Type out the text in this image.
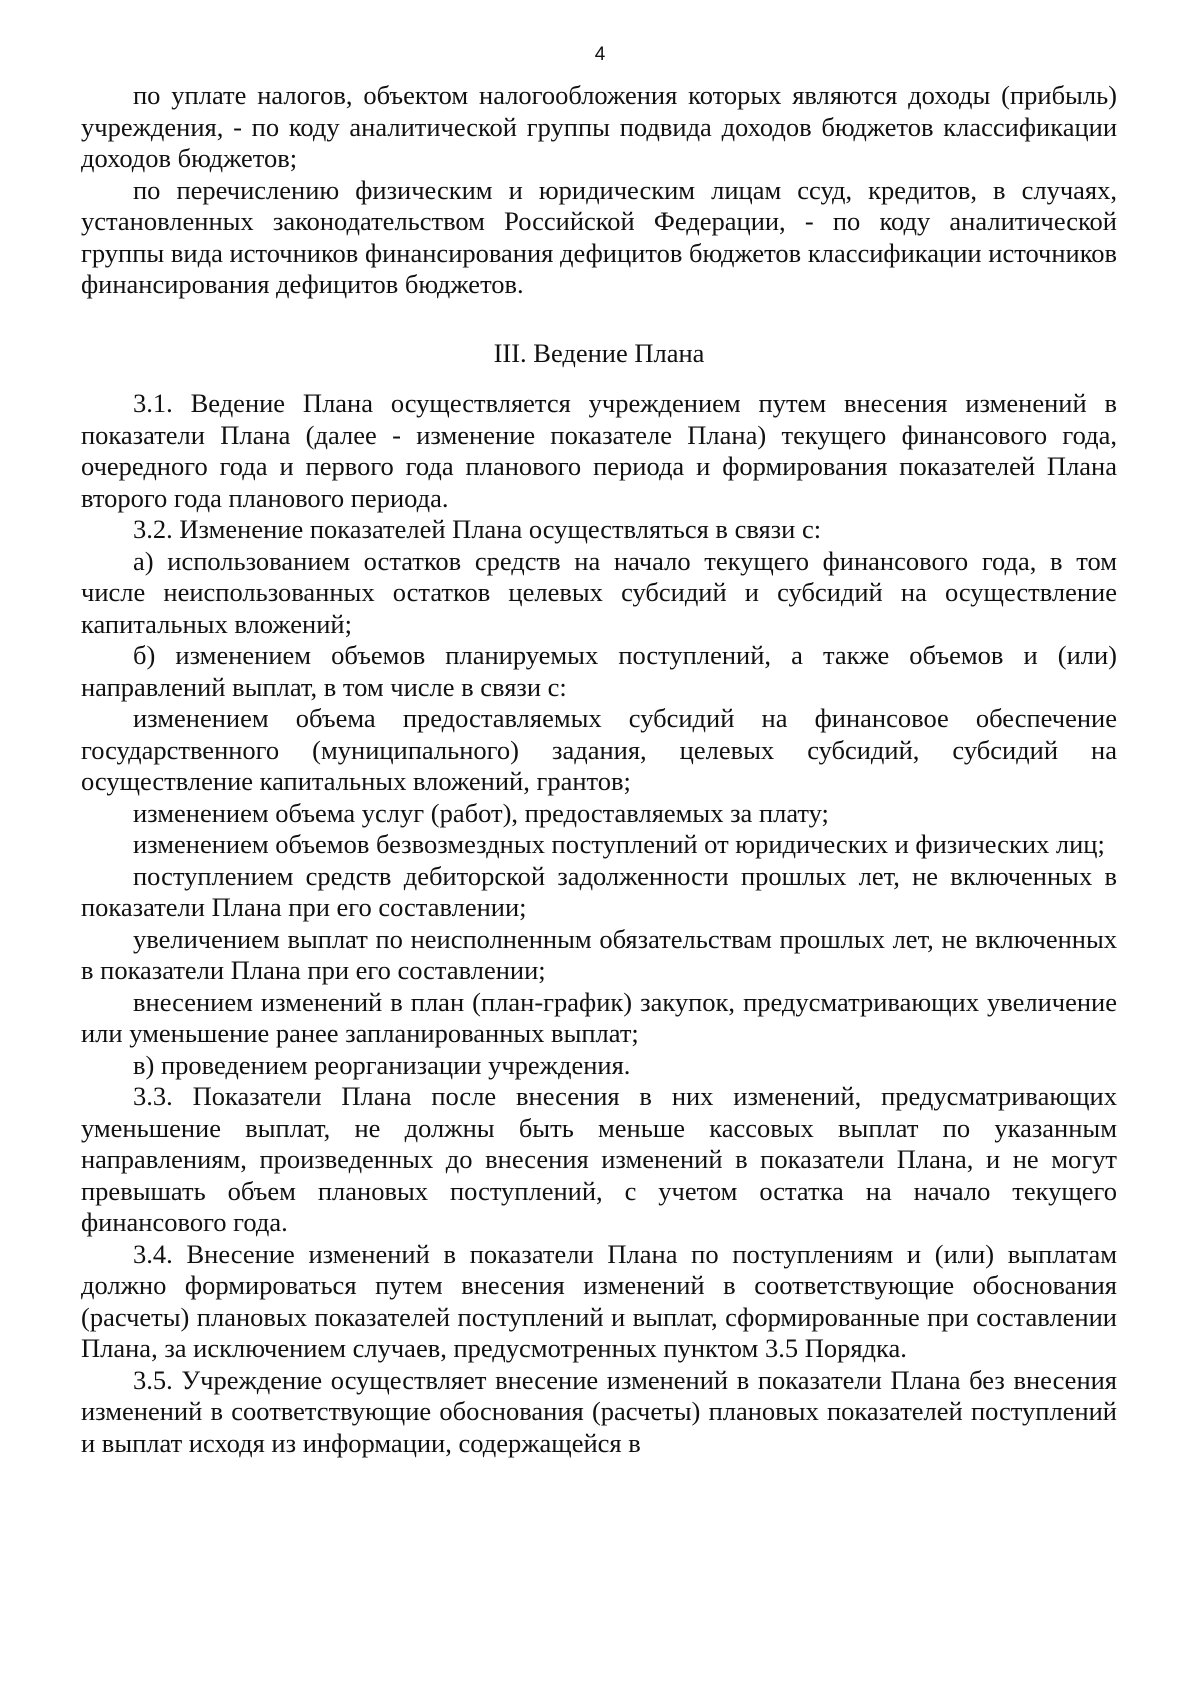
4

по уплате налогов, объектом налогообложения которых являются доходы (прибыль) учреждения, - по коду аналитической группы подвида доходов бюджетов классификации доходов бюджетов;

по перечислению физическим и юридическим лицам ссуд, кредитов, в случаях, установленных законодательством Российской Федерации, - по коду аналитической группы вида источников финансирования дефицитов бюджетов классификации источников финансирования дефицитов бюджетов.

III. Ведение Плана

3.1. Ведение Плана осуществляется учреждением путем внесения изменений в показатели Плана (далее - изменение показателе Плана) текущего финансового года, очередного года и первого года планового периода и формирования показателей Плана второго года планового периода.

3.2. Изменение показателей Плана осуществляться в связи с:

а) использованием остатков средств на начало текущего финансового года, в том числе неиспользованных остатков целевых субсидий и субсидий на осуществление капитальных вложений;

б) изменением объемов планируемых поступлений, а также объемов и (или) направлений выплат, в том числе в связи с:

изменением объема предоставляемых субсидий на финансовое обеспечение государственного (муниципального) задания, целевых субсидий, субсидий на осуществление капитальных вложений, грантов;

изменением объема услуг (работ), предоставляемых за плату;

изменением объемов безвозмездных поступлений от юридических и физических лиц;

поступлением средств дебиторской задолженности прошлых лет, не включенных в показатели Плана при его составлении;

увеличением выплат по неисполненным обязательствам прошлых лет, не включенных в показатели Плана при его составлении;

внесением изменений в план (план-график) закупок, предусматривающих увеличение или уменьшение ранее запланированных выплат;

в) проведением реорганизации учреждения.

3.3. Показатели Плана после внесения в них изменений, предусматривающих уменьшение выплат, не должны быть меньше кассовых выплат по указанным направлениям, произведенных до внесения изменений в показатели Плана, и не могут превышать объем плановых поступлений, с учетом остатка на начало текущего финансового года.

3.4. Внесение изменений в показатели Плана по поступлениям и (или) выплатам должно формироваться путем внесения изменений в соответствующие обоснования (расчеты) плановых показателей поступлений и выплат, сформированные при составлении Плана, за исключением случаев, предусмотренных пунктом 3.5 Порядка.

3.5. Учреждение осуществляет внесение изменений в показатели Плана без внесения изменений в соответствующие обоснования (расчеты) плановых показателей поступлений и выплат исходя из информации, содержащейся в
